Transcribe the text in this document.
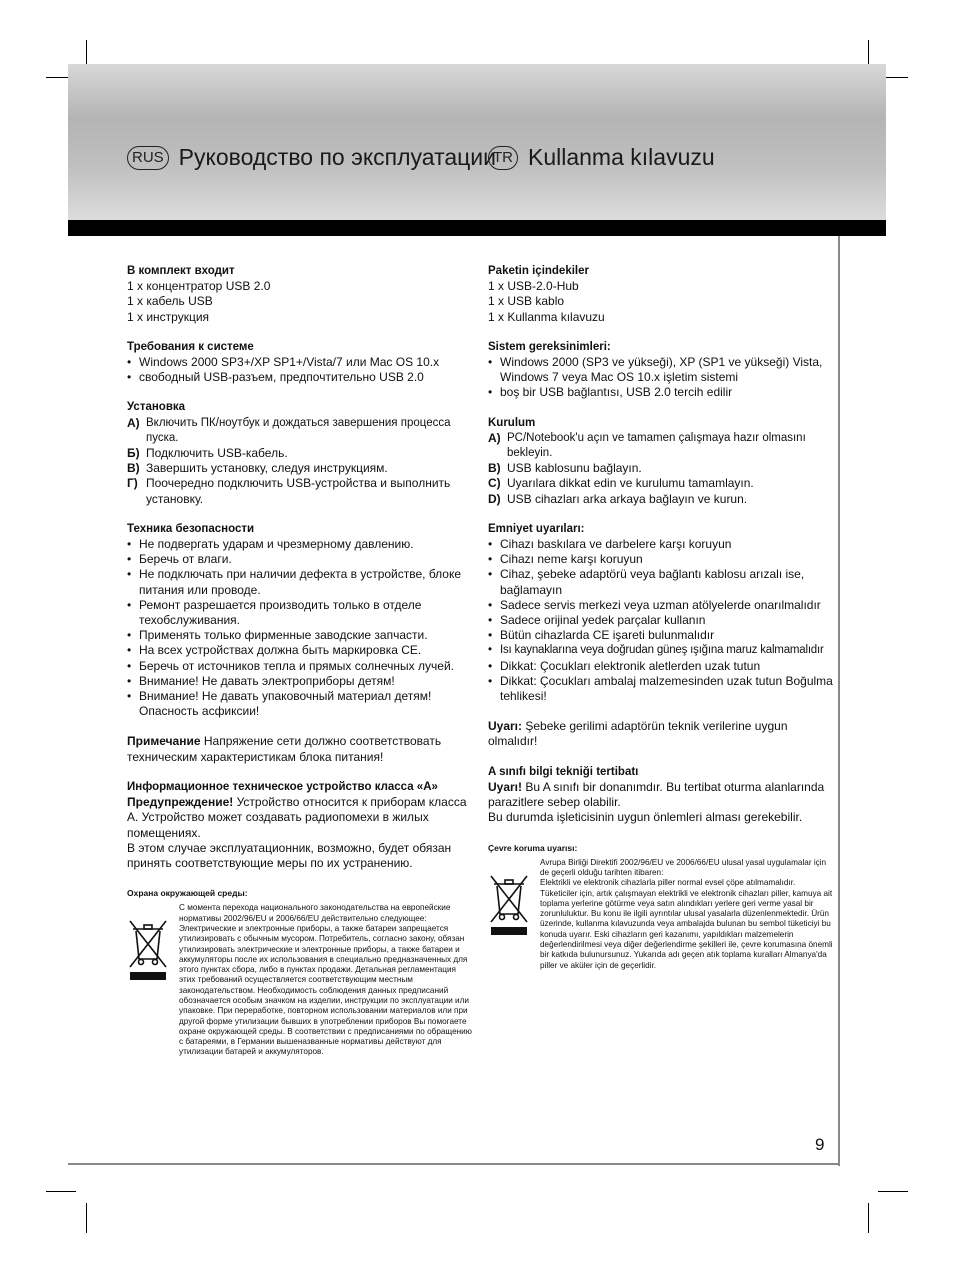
RUS Руководство по эксплуатации
TR Kullanma kılavuzu
9
В комплект входит
1 x концентратор USB 2.0
1 x кабель USB
1 x инструкция
Требования к системе
• Windows 2000 SP3+/XP SP1+/Vista/7 или Mac OS 10.x
• свободный USB-разъем, предпочтительно USB 2.0
Установка
A) Включить ПК/ноутбук и дождаться завершения процесса пуска.
Б) Подключить USB-кабель.
В) Завершить установку, следуя инструкциям.
Г) Поочередно подключить USB-устройства и выполнить установку.
Техника безопасности
• Не подвергать ударам и чрезмерному давлению.
• Беречь от влаги.
• Не подключать при наличии дефекта в устройстве, блоке питания или проводе.
• Ремонт разрешается производить только в отделе техобслуживания.
• Применять только фирменные заводские запчасти.
• На всех устройствах должна быть маркировка CE.
• Беречь от источников тепла и прямых солнечных лучей.
• Внимание! Не давать электроприборы детям!
• Внимание! Не давать упаковочный материал детям! Опасность асфиксии!
Примечание Напряжение сети должно соответствовать техническим характеристикам блока питания!
Информационное техническое устройство класса «А»
Предупреждение! Устройство относится к приборам класса А. Устройство может создавать радиопомехи в жилых помещениях.
В этом случае эксплуатационник, возможно, будет обязан принять соответствующие меры по их устранению.
Охрана окружающей среды:

С момента перехода национального законодательства на европейские нормативы 2002/96/EU и 2006/66/EU действительно следующее:

Электрические и электронные приборы, а также батареи запрещается утилизировать с обычным мусором. Потребитель, согласно закону, обязан утилизировать электрические и электронные приборы, а также батареи и аккумуляторы после их использования в специально предназначенных для этого пунктах сбора, либо в пунктах продажи. Детальная регламентация этих требований осуществляется соответствующим местным законодательством. Необходимость соблюдения данных предписаний обозначается особым значком на изделии, инструкции по эксплуатации или упаковке. При переработке, повторном использовании материалов или при другой форме утилизации бывших в употреблении приборов Вы помогаете охране окружающей среды. В соответствии с предписаниями по обращению с батареями, в Германии вышеназванные нормативы действуют для утилизации батарей и аккумуляторов.

Paketin içindekiler
1 x USB-2.0-Hub
1 x USB kablo
1 x Kullanma kılavuzu
Sistem gereksinimleri:
• Windows 2000 (SP3 ve yükseği), XP (SP1 ve yükseği) Vista, Windows 7 veya Mac OS 10.x işletim sistemi
• boş bir USB bağlantısı, USB 2.0 tercih edilir
Kurulum
A) PC/Notebook'u açın ve tamamen çalışmaya hazır olmasını bekleyin.
B) USB kablosunu bağlayın.
C) Uyarılara dikkat edin ve kurulumu tamamlayın.
D) USB cihazları arka arkaya bağlayın ve kurun.
Emniyet uyarıları:
• Cihazı baskılara ve darbelere karşı koruyun
• Cihazı neme karşı koruyun
• Cihaz, şebeke adaptörü veya bağlantı kablosu arızalı ise, bağlamayın
• Sadece servis merkezi veya uzman atölyelerde onarılmalıdır
• Sadece orijinal yedek parçalar kullanın
• Bütün cihazlarda CE işareti bulunmalıdır
• Isı kaynaklarına veya doğrudan güneş ışığına maruz kalmamalıdır
• Dikkat: Çocukları elektronik aletlerden uzak tutun
• Dikkat: Çocukları ambalaj malzemesinden uzak tutun Boğulma tehlikesi!
Uyarı: Şebeke gerilimi adaptörün teknik verilerine uygun olmalıdır!
A sınıfı bilgi tekniği tertibatı
Uyarı! Bu A sınıfı bir donanımdır. Bu tertibat oturma alanlarında parazitlere sebep olabilir.
Bu durumda işleticisinin uygun önlemleri alması gerekebilir.
Çevre koruma uyarısı:

Avrupa Birliği Direktifi 2002/96/EU ve 2006/66/EU ulusal yasal uygulamalar için de geçerli olduğu tarihten itibaren:

Elektrikli ve elektronik cihazlarla piller normal evsel çöpe atılmamalıdır. Tüketiciler için, artık çalışmayan elektrikli ve elektronik cihazları piller, kamuya ait toplama yerlerine götürme veya satın alındıkları yerlere geri verme yasal bir zorunluluktur. Bu konu ile ilgili ayrıntılar ulusal yasalarla düzenlenmektedir. Ürün üzerinde, kullanma kılavuzunda veya ambalajda bulunan bu sembol tüketiciyi bu konuda uyarır. Eski cihazların geri kazanımı, yapıldıkları malzemelerin değerlendirilmesi veya diğer değerlendirme şekilleri ile, çevre korumasına önemli bir katkıda bulunursunuz. Yukarıda adı geçen atık toplama kuralları Almanya'da piller ve aküler için de geçerlidir.
